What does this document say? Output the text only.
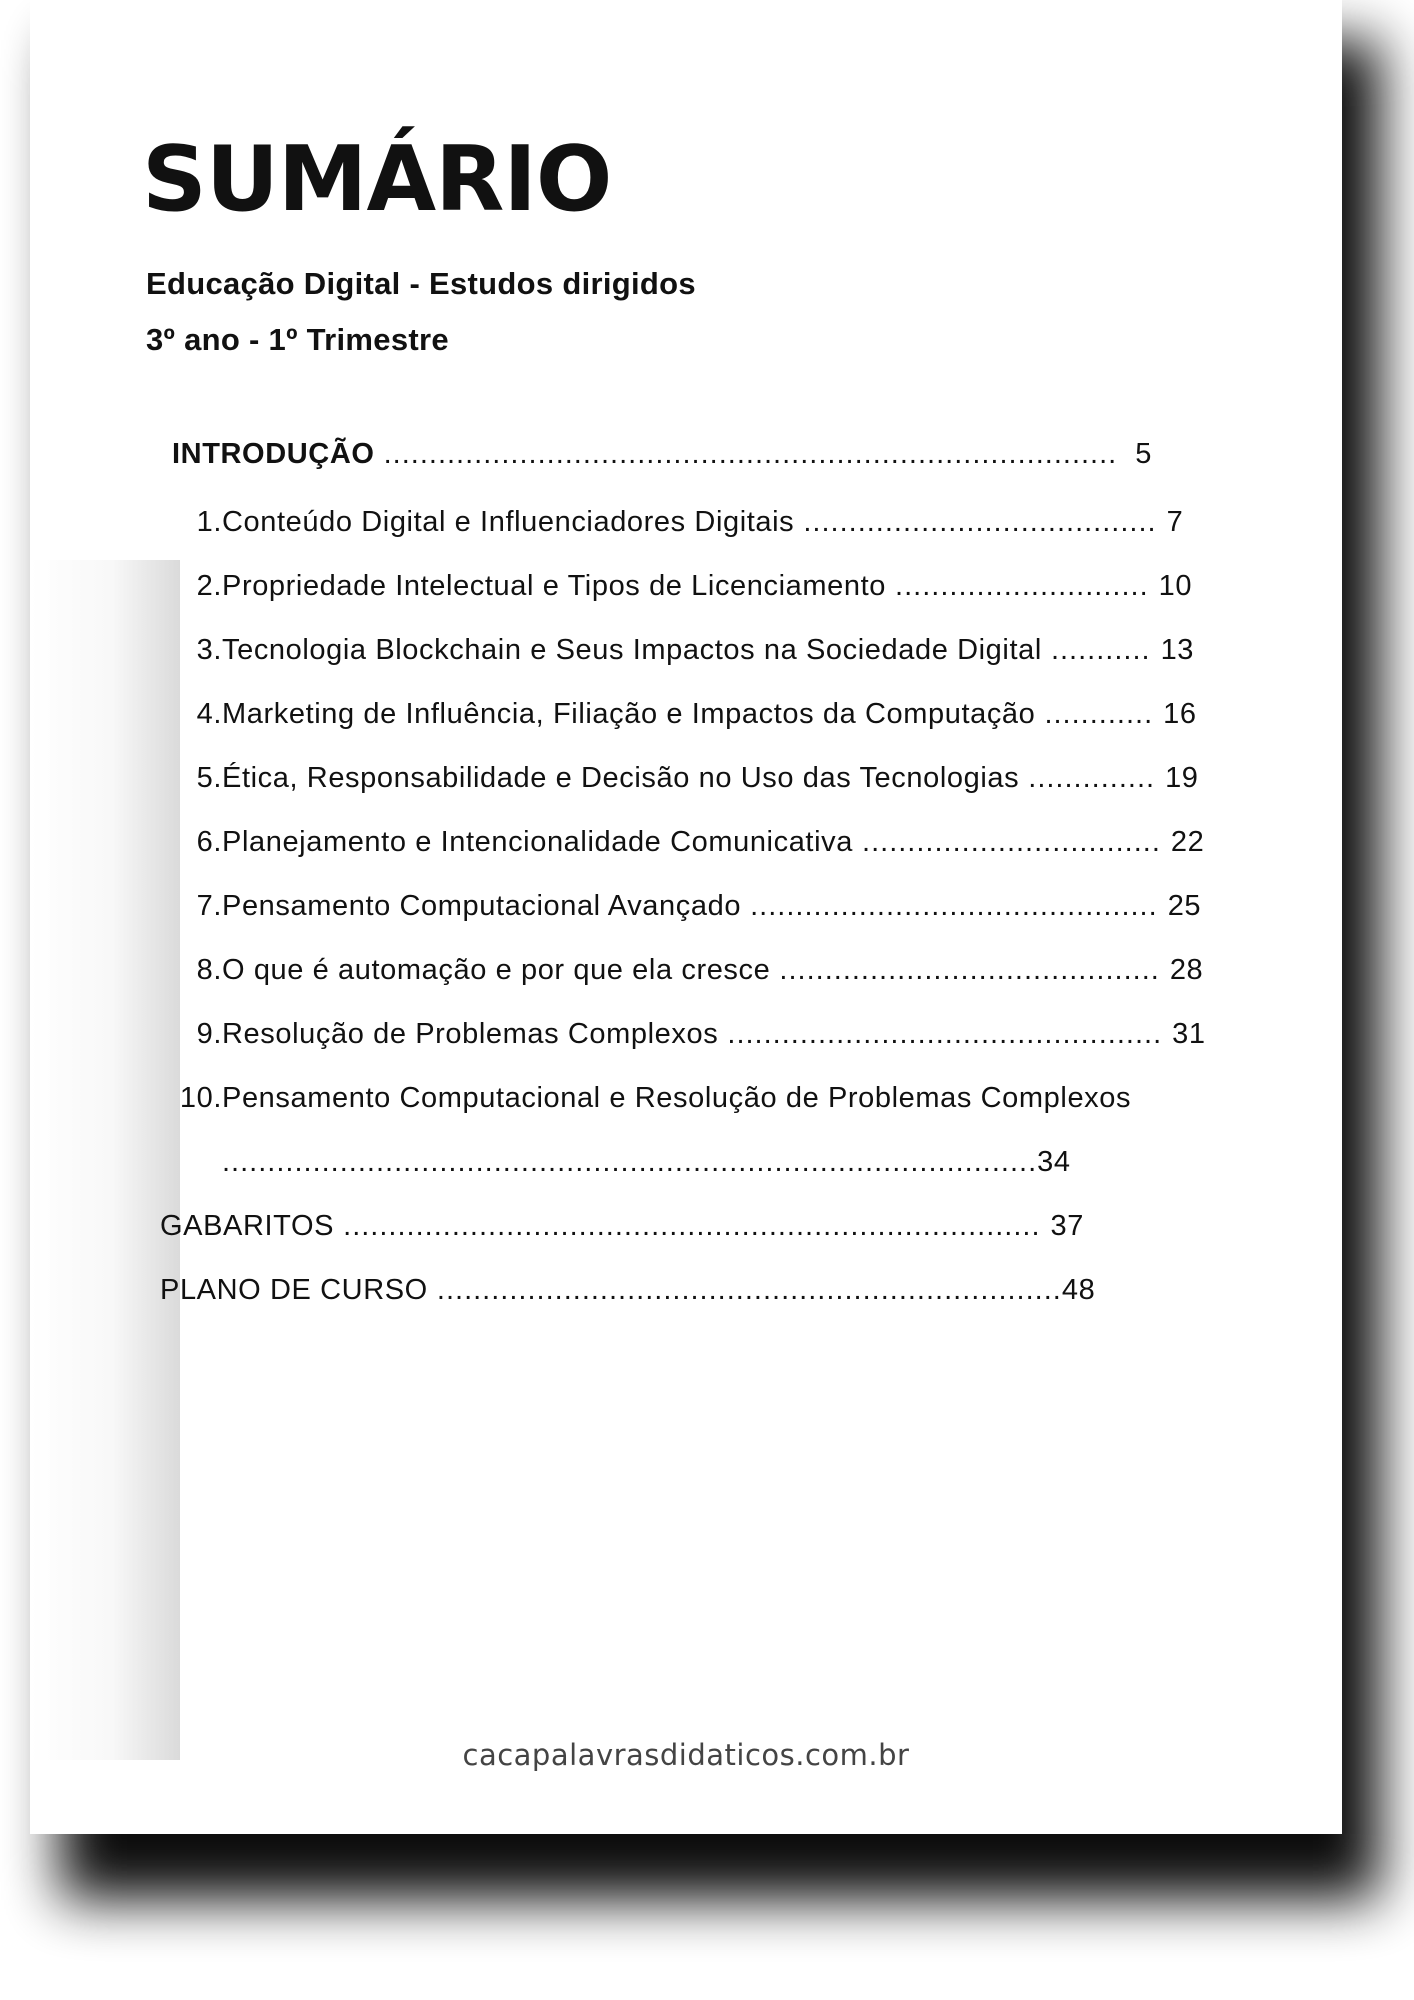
SUMÁRIO
Educação Digital - Estudos dirigidos
3º ano - 1º Trimestre
INTRODUÇÃO ................................................................................. 5
1.Conteúdo Digital e Influenciadores Digitais ....................................... 7
2.Propriedade Intelectual e Tipos de Licenciamento ............................ 10
3.Tecnologia Blockchain e Seus Impactos na Sociedade Digital ........... 13
4.Marketing de Influência, Filiação e Impactos da Computação ............ 16
5.Ética, Responsabilidade e Decisão no Uso das Tecnologias .............. 19
6.Planejamento e Intencionalidade Comunicativa ................................. 22
7.Pensamento Computacional Avançado ............................................. 25
8.O que é automação e por que ela cresce .......................................... 28
9.Resolução de Problemas Complexos ................................................ 31
10.Pensamento Computacional e Resolução de Problemas Complexos
..........................................................................................34
GABARITOS ............................................................................. 37
PLANO DE CURSO .....................................................................48
cacapalavrasdidaticos.com.br
